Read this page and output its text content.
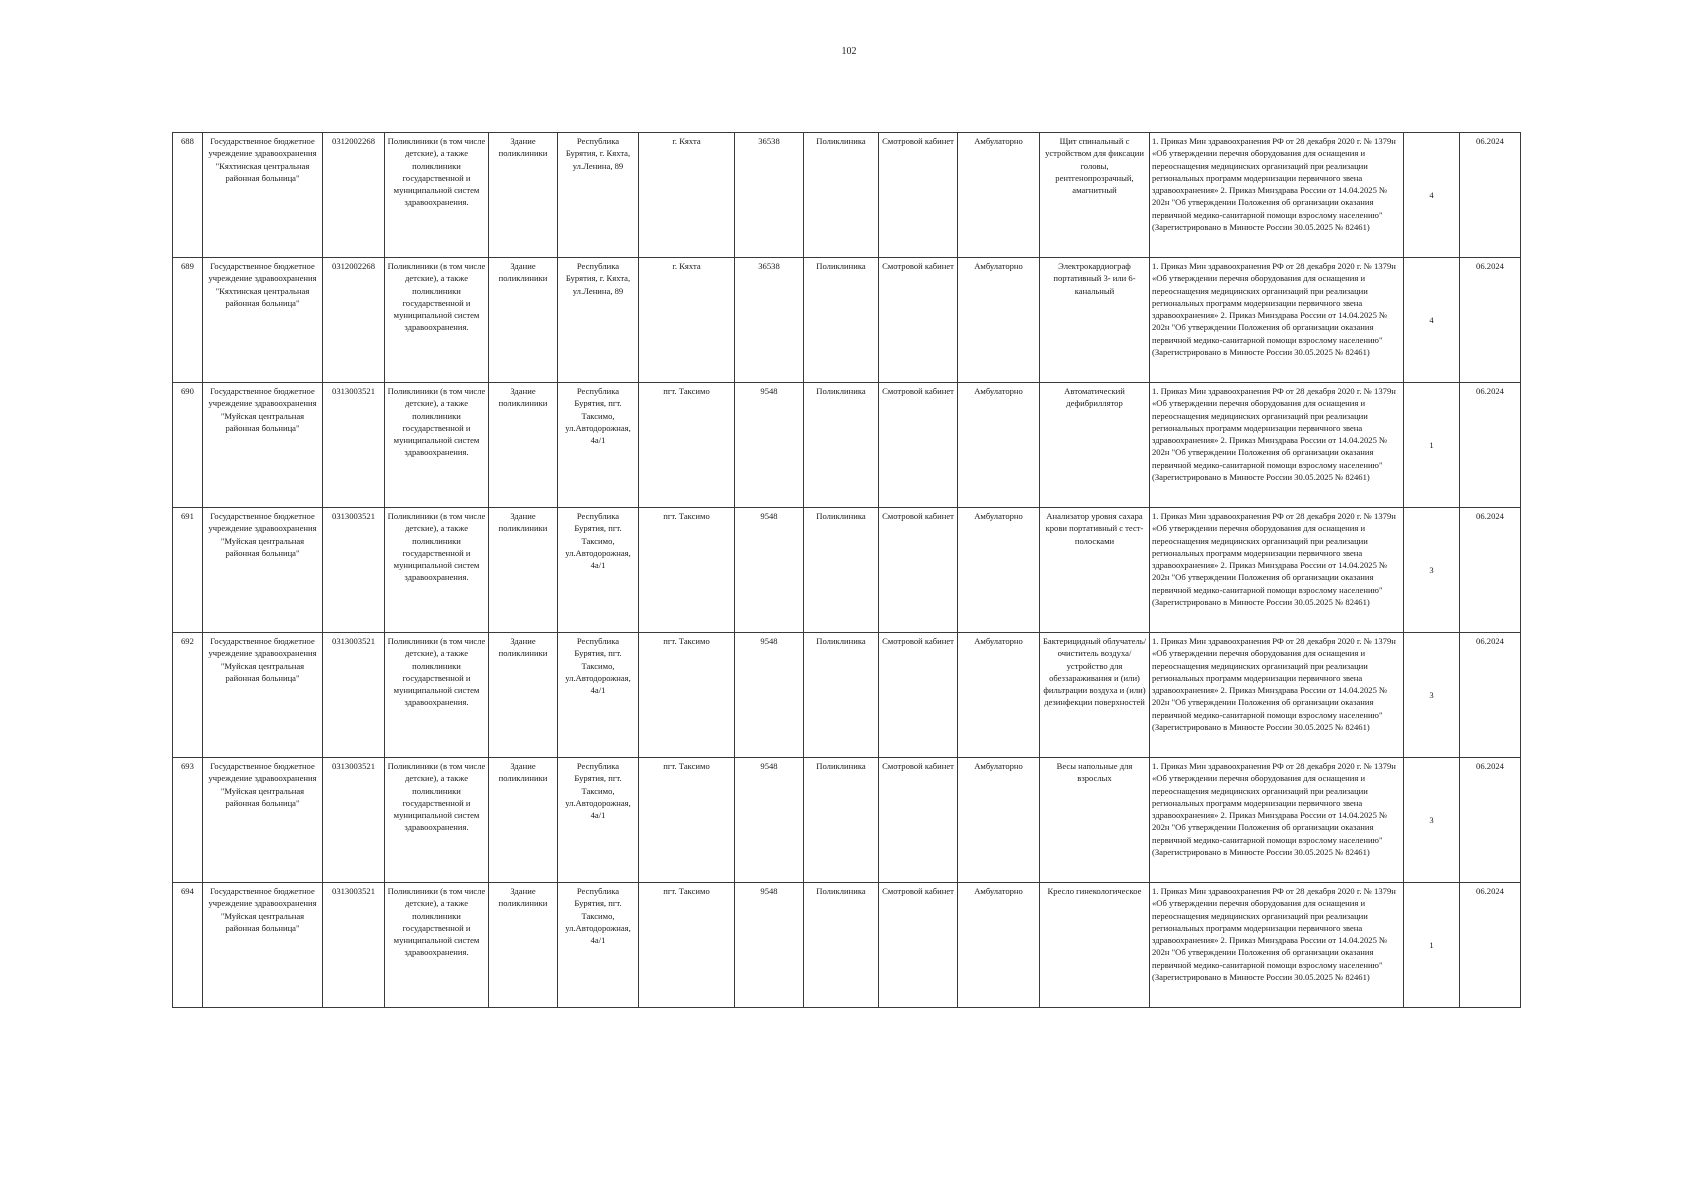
102
688	Государственное бюджетное учреждение здравоохранения "Кяхтинская центральная районная больница"	0312002268	Поликлиники (в том числе детские), а также поликлиники государственной и муниципальной систем здравоохранения.	Здание поликлиники	Республика Бурятия, г. Кяхта, ул.Ленина, 89	г. Кяхта	36538	Поликлиника	Смотровой кабинет	Амбулаторно	Щит спинальный с устройством для фиксации головы, рентгенопрозрачный, амагнитный	1. Приказ Мин здравоохранения РФ от 28 декабря 2020 г. № 1379н «Об утверждении перечня оборудования для оснащения и переоснащения медицинских организаций при реализации региональных программ модернизации первичного звена здравоохранения» 2. Приказ Минздрава России от 14.04.2025 № 202н "Об утверждении Положения об организации оказания первичной медико-санитарной помощи взрослому населению" (Зарегистрировано в Минюсте России 30.05.2025 № 82461)	4	06.2024
689	Государственное бюджетное учреждение здравоохранения "Кяхтинская центральная районная больница"	0312002268	Поликлиники (в том числе детские), а также поликлиники государственной и муниципальной систем здравоохранения.	Здание поликлиники	Республика Бурятия, г. Кяхта, ул.Ленина, 89	г. Кяхта	36538	Поликлиника	Смотровой кабинет	Амбулаторно	Электрокардиограф портативный 3- или 6-канальный	1. Приказ Мин здравоохранения РФ от 28 декабря 2020 г. № 1379н «Об утверждении перечня оборудования для оснащения и переоснащения медицинских организаций при реализации региональных программ модернизации первичного звена здравоохранения» 2. Приказ Минздрава России от 14.04.2025 № 202н "Об утверждении Положения об организации оказания первичной медико-санитарной помощи взрослому населению" (Зарегистрировано в Минюсте России 30.05.2025 № 82461)	4	06.2024
690	Государственное бюджетное учреждение здравоохранения "Муйская центральная районная больница"	0313003521	Поликлиники (в том числе детские), а также поликлиники государственной и муниципальной систем здравоохранения.	Здание поликлиники	Республика Бурятия, пгт. Таксимо, ул.Автодорожная, 4а/1	пгт. Таксимо	9548	Поликлиника	Смотровой кабинет	Амбулаторно	Автоматический дефибриллятор	1. Приказ Мин здравоохранения РФ от 28 декабря 2020 г. № 1379н «Об утверждении перечня оборудования для оснащения и переоснащения медицинских организаций при реализации региональных программ модернизации первичного звена здравоохранения» 2. Приказ Минздрава России от 14.04.2025 № 202н "Об утверждении Положения об организации оказания первичной медико-санитарной помощи взрослому населению" (Зарегистрировано в Минюсте России 30.05.2025 № 82461)	1	06.2024
691	Государственное бюджетное учреждение здравоохранения "Муйская центральная районная больница"	0313003521	Поликлиники (в том числе детские), а также поликлиники государственной и муниципальной систем здравоохранения.	Здание поликлиники	Республика Бурятия, пгт. Таксимо, ул.Автодорожная, 4а/1	пгт. Таксимо	9548	Поликлиника	Смотровой кабинет	Амбулаторно	Анализатор уровня сахара крови портативный с тест-полосками	1. Приказ Мин здравоохранения РФ от 28 декабря 2020 г. № 1379н «Об утверждении перечня оборудования для оснащения и переоснащения медицинских организаций при реализации региональных программ модернизации первичного звена здравоохранения» 2. Приказ Минздрава России от 14.04.2025 № 202н "Об утверждении Положения об организации оказания первичной медико-санитарной помощи взрослому населению" (Зарегистрировано в Минюсте России 30.05.2025 № 82461)	3	06.2024
692	Государственное бюджетное учреждение здравоохранения "Муйская центральная районная больница"	0313003521	Поликлиники (в том числе детские), а также поликлиники государственной и муниципальной систем здравоохранения.	Здание поликлиники	Республика Бурятия, пгт. Таксимо, ул.Автодорожная, 4а/1	пгт. Таксимо	9548	Поликлиника	Смотровой кабинет	Амбулаторно	Бактерицидный облучатель/очиститель воздуха/устройство для обеззараживания и (или) фильтрации воздуха и (или) дезинфекции поверхностей	1. Приказ Мин здравоохранения РФ от 28 декабря 2020 г. № 1379н «Об утверждении перечня оборудования для оснащения и переоснащения медицинских организаций при реализации региональных программ модернизации первичного звена здравоохранения» 2. Приказ Минздрава России от 14.04.2025 № 202н "Об утверждении Положения об организации оказания первичной медико-санитарной помощи взрослому населению" (Зарегистрировано в Минюсте России 30.05.2025 № 82461)	3	06.2024
693	Государственное бюджетное учреждение здравоохранения "Муйская центральная районная больница"	0313003521	Поликлиники (в том числе детские), а также поликлиники государственной и муниципальной систем здравоохранения.	Здание поликлиники	Республика Бурятия, пгт. Таксимо, ул.Автодорожная, 4а/1	пгт. Таксимо	9548	Поликлиника	Смотровой кабинет	Амбулаторно	Весы напольные для взрослых	1. Приказ Мин здравоохранения РФ от 28 декабря 2020 г. № 1379н «Об утверждении перечня оборудования для оснащения и переоснащения медицинских организаций при реализации региональных программ модернизации первичного звена здравоохранения» 2. Приказ Минздрава России от 14.04.2025 № 202н "Об утверждении Положения об организации оказания первичной медико-санитарной помощи взрослому населению" (Зарегистрировано в Минюсте России 30.05.2025 № 82461)	3	06.2024
694	Государственное бюджетное учреждение здравоохранения "Муйская центральная районная больница"	0313003521	Поликлиники (в том числе детские), а также поликлиники государственной и муниципальной систем здравоохранения.	Здание поликлиники	Республика Бурятия, пгт. Таксимо, ул.Автодорожная, 4а/1	пгт. Таксимо	9548	Поликлиника	Смотровой кабинет	Амбулаторно	Кресло гинекологическое	1. Приказ Мин здравоохранения РФ от 28 декабря 2020 г. № 1379н «Об утверждении перечня оборудования для оснащения и переоснащения медицинских организаций при реализации региональных программ модернизации первичного звена здравоохранения» 2. Приказ Минздрава России от 14.04.2025 № 202н "Об утверждении Положения об организации оказания первичной медико-санитарной помощи взрослому населению" (Зарегистрировано в Минюсте России 30.05.2025 № 82461)	1	06.2024
